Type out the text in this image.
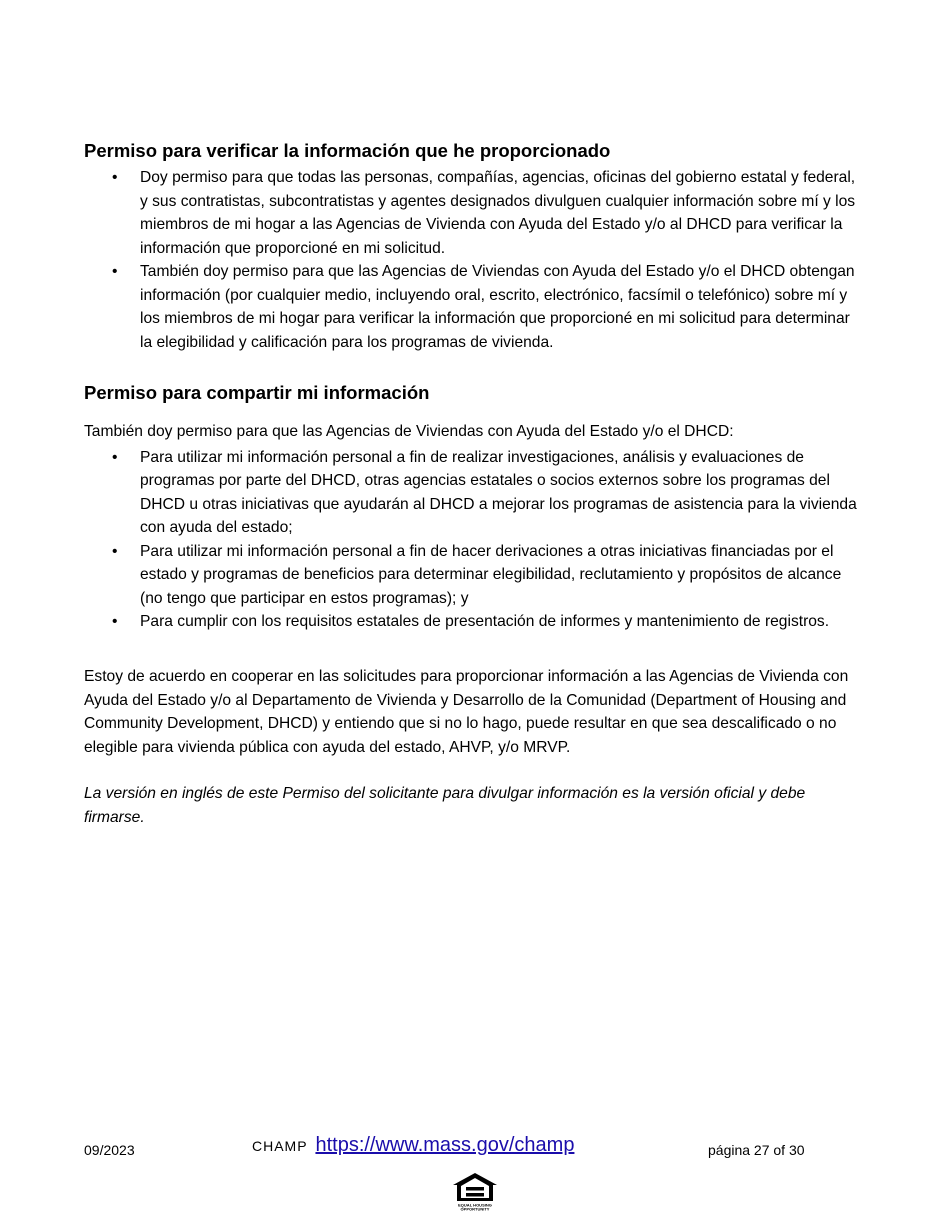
Permiso para verificar la información que he proporcionado
• Doy permiso para que todas las personas, compañías, agencias, oficinas del gobierno estatal y federal, y sus contratistas, subcontratistas y agentes designados divulguen cualquier información sobre mí y los miembros de mi hogar a las Agencias de Vivienda con Ayuda del Estado y/o al DHCD para verificar la información que proporcioné en mi solicitud.
• También doy permiso para que las Agencias de Viviendas con Ayuda del Estado y/o el DHCD obtengan información (por cualquier medio, incluyendo oral, escrito, electrónico, facsímil o telefónico) sobre mí y los miembros de mi hogar para verificar la información que proporcioné en mi solicitud para determinar la elegibilidad y calificación para los programas de vivienda.
Permiso para compartir mi información

También doy permiso para que las Agencias de Viviendas con Ayuda del Estado y/o el DHCD:

• Para utilizar mi información personal a fin de realizar investigaciones, análisis y evaluaciones de programas por parte del DHCD, otras agencias estatales o socios externos sobre los programas del DHCD u otras iniciativas que ayudarán al DHCD a mejorar los programas de asistencia para la vivienda con ayuda del estado;
• Para utilizar mi información personal a fin de hacer derivaciones a otras iniciativas financiadas por el estado y programas de beneficios para determinar elegibilidad, reclutamiento y propósitos de alcance (no tengo que participar en estos programas); y
• Para cumplir con los requisitos estatales de presentación de informes y mantenimiento de registros.

Estoy de acuerdo en cooperar en las solicitudes para proporcionar información a las Agencias de Vivienda con Ayuda del Estado y/o al Departamento de Vivienda y Desarrollo de la Comunidad (Department of Housing and Community Development, DHCD) y entiendo que si no lo hago, puede resultar en que sea descalificado o no elegible para vivienda pública con ayuda del estado, AHVP, y/o MRVP.

La versión en inglés de este Permiso del solicitante para divulgar información es la versión oficial y debe firmarse.

09/2023	CHAMP https://www.mass.gov/champ	página 27 of 30
EQUAL HOUSING
OPPORTUNITY
